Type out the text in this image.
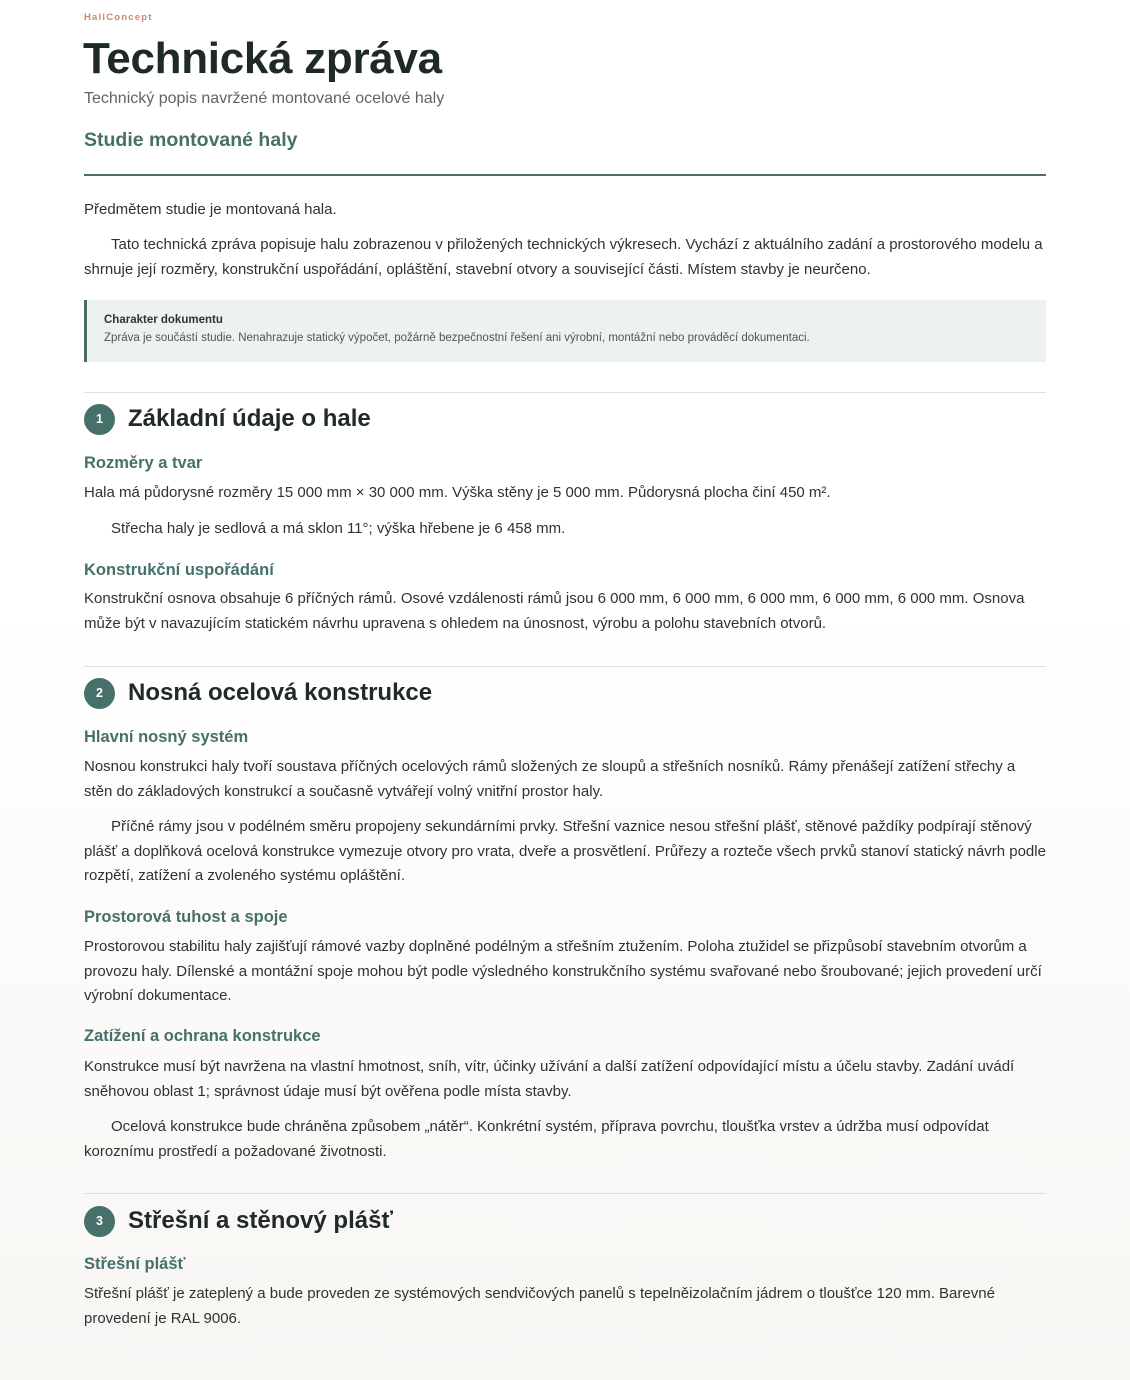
HallConcept
Technická zpráva
Technický popis navržené montované ocelové haly
Studie montované haly

Předmětem studie je montovaná hala.

Tato technická zpráva popisuje halu zobrazenou v přiložených technických výkresech. Vychází z aktuálního zadání a prostorového modelu a shrnuje její rozměry, konstrukční uspořádání, opláštění, stavební otvory a související části. Místem stavby je neurčeno.

Charakter dokumentu
Zpráva je součástí studie. Nenahrazuje statický výpočet, požárně bezpečnostní řešení ani výrobní, montážní nebo prováděcí dokumentaci.
1	Základní údaje o hale
Rozměry a tvar

Hala má půdorysné rozměry 15 000 mm × 30 000 mm. Výška stěny je 5 000 mm. Půdorysná plocha činí 450 m².

Střecha haly je sedlová a má sklon 11°; výška hřebene je 6 458 mm.

Konstrukční uspořádání

Konstrukční osnova obsahuje 6 příčných rámů. Osové vzdálenosti rámů jsou 6 000 mm, 6 000 mm, 6 000 mm, 6 000 mm, 6 000 mm. Osnova může být v navazujícím statickém návrhu upravena s ohledem na únosnost, výrobu a polohu stavebních otvorů.

2	Nosná ocelová konstrukce
Hlavní nosný systém

Nosnou konstrukci haly tvoří soustava příčných ocelových rámů složených ze sloupů a střešních nosníků. Rámy přenášejí zatížení střechy a stěn do základových konstrukcí a současně vytvářejí volný vnitřní prostor haly.

Příčné rámy jsou v podélném směru propojeny sekundárními prvky. Střešní vaznice nesou střešní plášť, stěnové paždíky podpírají stěnový plášť a doplňková ocelová konstrukce vymezuje otvory pro vrata, dveře a prosvětlení. Průřezy a rozteče všech prvků stanoví statický návrh podle rozpětí, zatížení a zvoleného systému opláštění.

Prostorová tuhost a spoje

Prostorovou stabilitu haly zajišťují rámové vazby doplněné podélným a střešním ztužením. Poloha ztužidel se přizpůsobí stavebním otvorům a provozu haly. Dílenské a montážní spoje mohou být podle výsledného konstrukčního systému svařované nebo šroubované; jejich provedení určí výrobní dokumentace.

Zatížení a ochrana konstrukce

Konstrukce musí být navržena na vlastní hmotnost, sníh, vítr, účinky užívání a další zatížení odpovídající místu a účelu stavby. Zadání uvádí sněhovou oblast 1; správnost údaje musí být ověřena podle místa stavby.

Ocelová konstrukce bude chráněna způsobem „nátěr“. Konkrétní systém, příprava povrchu, tloušťka vrstev a údržba musí odpovídat koroznímu prostředí a požadované životnosti.

3	Střešní a stěnový plášť
Střešní plášť

Střešní plášť je zateplený a bude proveden ze systémových sendvičových panelů s tepelněizolačním jádrem o tloušťce 120 mm. Barevné provedení je RAL 9006.
